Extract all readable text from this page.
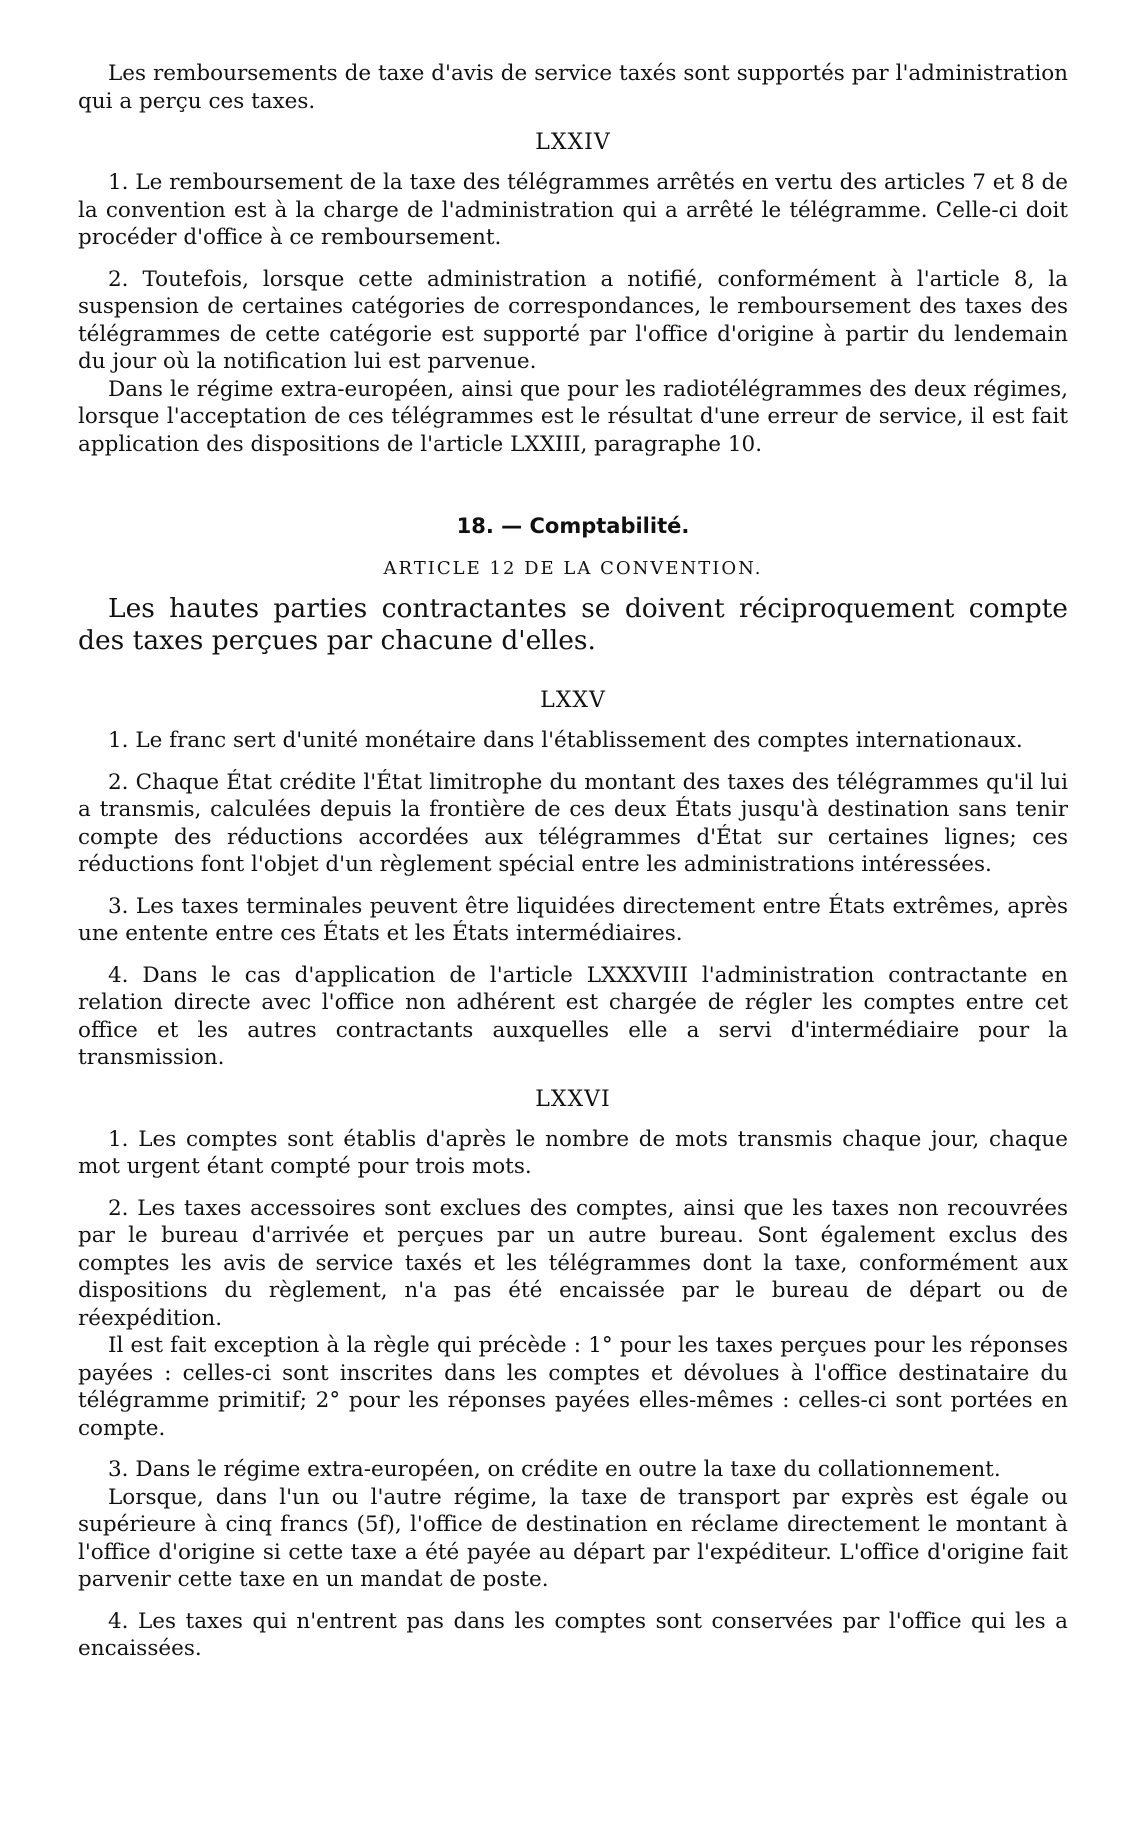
Les remboursements de taxe d'avis de service taxés sont supportés par l'administration qui a perçu ces taxes.

LXXIV

1. Le remboursement de la taxe des télégrammes arrêtés en vertu des articles 7 et 8 de la convention est à la charge de l'administration qui a arrêté le télégramme. Celle-ci doit procéder d'office à ce remboursement.

2. Toutefois, lorsque cette administration a notifié, conformément à l'article 8, la suspension de certaines catégories de correspondances, le remboursement des taxes des télégrammes de cette catégorie est supporté par l'office d'origine à partir du lendemain du jour où la notification lui est parvenue.

Dans le régime extra-européen, ainsi que pour les radiotélégrammes des deux régimes, lorsque l'acceptation de ces télégrammes est le résultat d'une erreur de service, il est fait application des dispositions de l'article LXXIII, paragraphe 10.

18. — Comptabilité.
ARTICLE 12 DE LA CONVENTION.

Les hautes parties contractantes se doivent réciproquement compte des taxes perçues par chacune d'elles.

LXXV

1. Le franc sert d'unité monétaire dans l'établissement des comptes internationaux.

2. Chaque État crédite l'État limitrophe du montant des taxes des télégrammes qu'il lui a transmis, calculées depuis la frontière de ces deux États jusqu'à destination sans tenir compte des réductions accordées aux télégrammes d'État sur certaines lignes; ces réductions font l'objet d'un règlement spécial entre les administrations intéressées.

3. Les taxes terminales peuvent être liquidées directement entre États extrêmes, après une entente entre ces États et les États intermédiaires.

4. Dans le cas d'application de l'article LXXXVIII l'administration contractante en relation directe avec l'office non adhérent est chargée de régler les comptes entre cet office et les autres contractants auxquelles elle a servi d'intermédiaire pour la transmission.

LXXVI

1. Les comptes sont établis d'après le nombre de mots transmis chaque jour, chaque mot urgent étant compté pour trois mots.

2. Les taxes accessoires sont exclues des comptes, ainsi que les taxes non recouvrées par le bureau d'arrivée et perçues par un autre bureau. Sont également exclus des comptes les avis de service taxés et les télégrammes dont la taxe, conformément aux dispositions du règlement, n'a pas été encaissée par le bureau de départ ou de réexpédition.

Il est fait exception à la règle qui précède : 1° pour les taxes perçues pour les réponses payées : celles-ci sont inscrites dans les comptes et dévolues à l'office destinataire du télégramme primitif; 2° pour les réponses payées elles-mêmes : celles-ci sont portées en compte.

3. Dans le régime extra-européen, on crédite en outre la taxe du collationnement.

Lorsque, dans l'un ou l'autre régime, la taxe de transport par exprès est égale ou supérieure à cinq francs (5f), l'office de destination en réclame directement le montant à l'office d'origine si cette taxe a été payée au départ par l'expéditeur. L'office d'origine fait parvenir cette taxe en un mandat de poste.

4. Les taxes qui n'entrent pas dans les comptes sont conservées par l'office qui les a encaissées.
